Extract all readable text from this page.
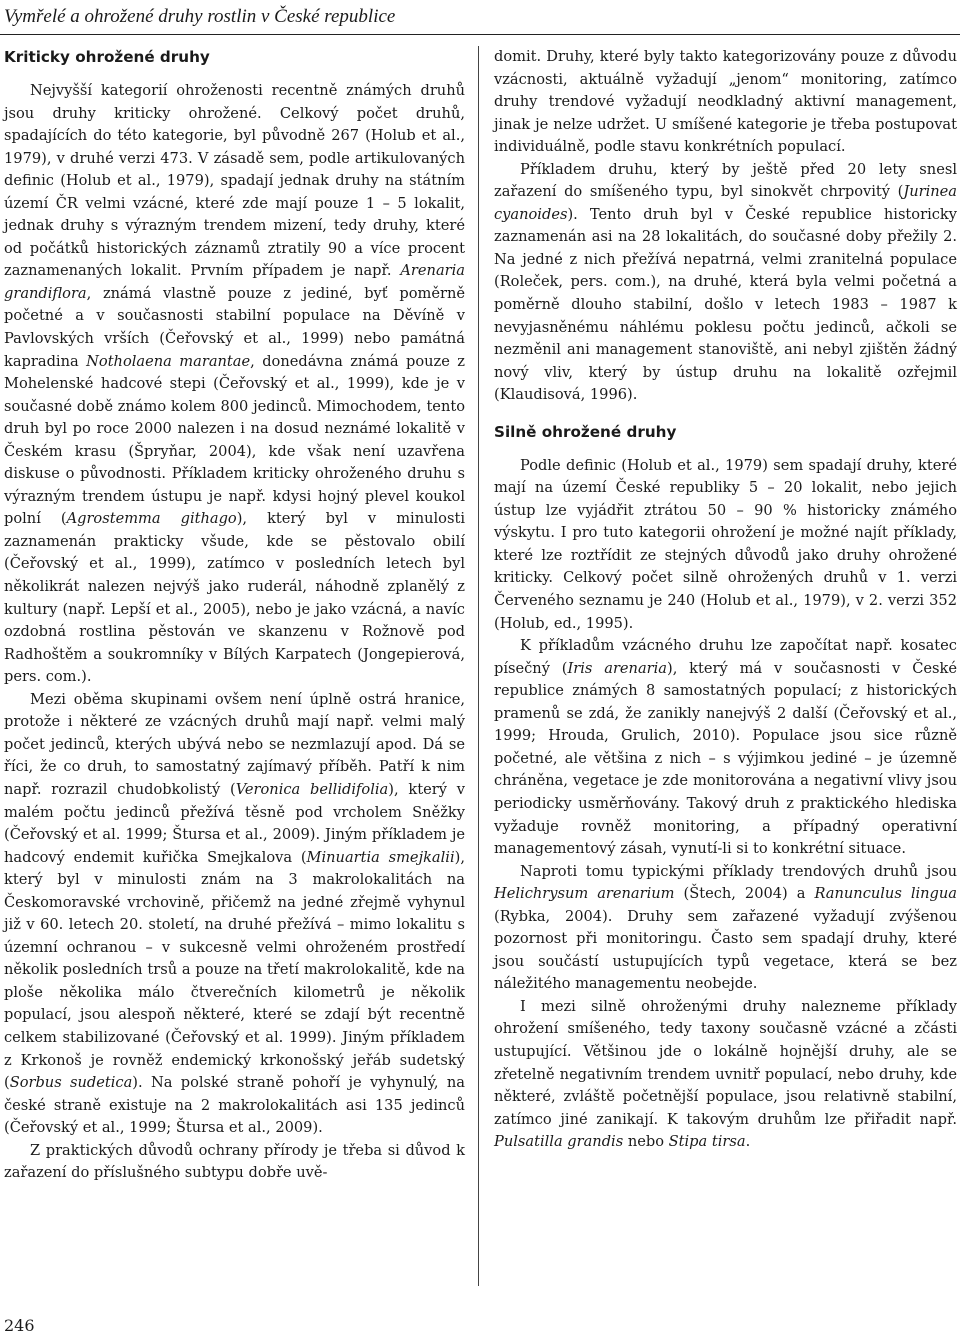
Vymřelé a ohrožené druhy rostlin v České republice
Kriticky ohrožené druhy

Nejvyšší kategorií ohroženosti recentně známých druhů jsou druhy kriticky ohrožené. Celkový počet druhů, spadajících do této kategorie, byl původně 267 (Holub et al., 1979), v druhé verzi 473. V zásadě sem, podle artikulovaných definic (Holub et al., 1979), spadají jednak druhy na státním území ČR velmi vzácné, které zde mají pouze 1 – 5 lokalit, jednak druhy s výrazným trendem mizení, tedy druhy, které od počátků historických záznamů ztratily 90 a více procent zaznamenaných lokalit. Prvním případem je např. Arenaria grandiflora, známá vlastně pouze z jediné, byť poměrně početné a v současnosti stabilní populace na Děvíně v Pavlovských vrších (Čeřovský et al., 1999) nebo památná kapradina Notholaena marantae, donedávna známá pouze z Mohelenské hadcové stepi (Čeřovský et al., 1999), kde je v současné době známo kolem 800 jedinců. Mimochodem, tento druh byl po roce 2000 nalezen i na dosud neznámé lokalitě v Českém krasu (Špryňar, 2004), kde však není uzavřena diskuse o původnosti. Příkladem kriticky ohroženého druhu s výrazným trendem ústupu je např. kdysi hojný plevel koukol polní (Agrostemma githago), který byl v minulosti zaznamenán prakticky všude, kde se pěstovalo obilí (Čeřovský et al., 1999), zatímco v posledních letech byl několikrát nalezen nejvýš jako ruderál, náhodně zplanělý z kultury (např. Lepší et al., 2005), nebo je jako vzácná, a navíc ozdobná rostlina pěstován ve skanzenu v Rožnově pod Radhoštěm a soukromníky v Bílých Karpatech (Jongepierová, pers. com.).

Mezi oběma skupinami ovšem není úplně ostrá hranice, protože i některé ze vzácných druhů mají např. velmi malý počet jedinců, kterých ubývá nebo se nezmlazují apod. Dá se říci, že co druh, to samostatný zajímavý příběh. Patří k nim např. rozrazil chudobkolistý (Veronica bellidifolia), který v malém počtu jedinců přežívá těsně pod vrcholem Sněžky (Čeřovský et al. 1999; Štursa et al., 2009). Jiným příkladem je hadcový endemit kuřička Smejkalova (Minuartia smejkalii), který byl v minulosti znám na 3 makrolokalitách na Českomoravské vrchovině, přičemž na jedné zřejmě vyhynul již v 60. letech 20. století, na druhé přežívá – mimo lokalitu s územní ochranou – v sukcesně velmi ohroženém prostředí několik posledních trsů a pouze na třetí makrolokalitě, kde na ploše několika málo čtverečních kilometrů je několik populací, jsou alespoň některé, které se zdají být recentně celkem stabilizované (Čeřovský et al. 1999). Jiným příkladem z Krkonoš je rovněž endemický krkonošský jeřáb sudetský (Sorbus sudetica). Na polské straně pohoří je vyhynulý, na české straně existuje na 2 makrolokalitách asi 135 jedinců (Čeřovský et al., 1999; Štursa et al., 2009).

Z praktických důvodů ochrany přírody je třeba si důvod k zařazení do příslušného subtypu dobře uvě-

domit. Druhy, které byly takto kategorizovány pouze z důvodu vzácnosti, aktuálně vyžadují „jenom“ monitoring, zatímco druhy trendové vyžadují neodkladný aktivní management, jinak je nelze udržet. U smíšené kategorie je třeba postupovat individuálně, podle stavu konkrétních populací.

Příkladem druhu, který by ještě před 20 lety snesl zařazení do smíšeného typu, byl sinokvět chrpovitý (Jurinea cyanoides). Tento druh byl v České republice historicky zaznamenán asi na 28 lokalitách, do současné doby přežily 2. Na jedné z nich přežívá nepatrná, velmi zranitelná populace (Roleček, pers. com.), na druhé, která byla velmi početná a poměrně dlouho stabilní, došlo v letech 1983 – 1987 k nevyjasněnému náhlému poklesu počtu jedinců, ačkoli se nezměnil ani management stanoviště, ani nebyl zjištěn žádný nový vliv, který by ústup druhu na lokalitě ozřejmil (Klaudisová, 1996).

Silně ohrožené druhy

Podle definic (Holub et al., 1979) sem spadají druhy, které mají na území České republiky 5 – 20 lokalit, nebo jejich ústup lze vyjádřit ztrátou 50 – 90 % historicky známého výskytu. I pro tuto kategorii ohrožení je možné najít příklady, které lze roztřídit ze stejných důvodů jako druhy ohrožené kriticky. Celkový počet silně ohrožených druhů v 1. verzi Červeného seznamu je 240 (Holub et al., 1979), v 2. verzi 352 (Holub, ed., 1995).

K příkladům vzácného druhu lze započítat např. kosatec písečný (Iris arenaria), který má v současnosti v České republice známých 8 samostatných populací; z historických pramenů se zdá, že zanikly nanejvýš 2 další (Čeřovský et al., 1999; Hrouda, Grulich, 2010). Populace jsou sice různě početné, ale většina z nich – s výjimkou jediné – je územně chráněna, vegetace je zde monitorována a negativní vlivy jsou periodicky usměrňovány. Takový druh z praktického hlediska vyžaduje rovněž monitoring, a případný operativní managementový zásah, vynutí-li si to konkrétní situace.

Naproti tomu typickými příklady trendových druhů jsou Helichrysum arenarium (Štech, 2004) a Ranunculus lingua (Rybka, 2004). Druhy sem zařazené vyžadují zvýšenou pozornost při monitoringu. Často sem spadají druhy, které jsou součástí ustupujících typů vegetace, která se bez náležitého managementu neobejde.

I mezi silně ohroženými druhy nalezneme příklady ohrožení smíšeného, tedy taxony současně vzácné a zčásti ustupující. Většinou jde o lokálně hojnější druhy, ale se zřetelně negativním trendem uvnitř populací, nebo druhy, kde některé, zvláště početnější populace, jsou relativně stabilní, zatímco jiné zanikají. K takovým druhům lze přiřadit např. Pulsatilla grandis nebo Stipa tirsa.

246
